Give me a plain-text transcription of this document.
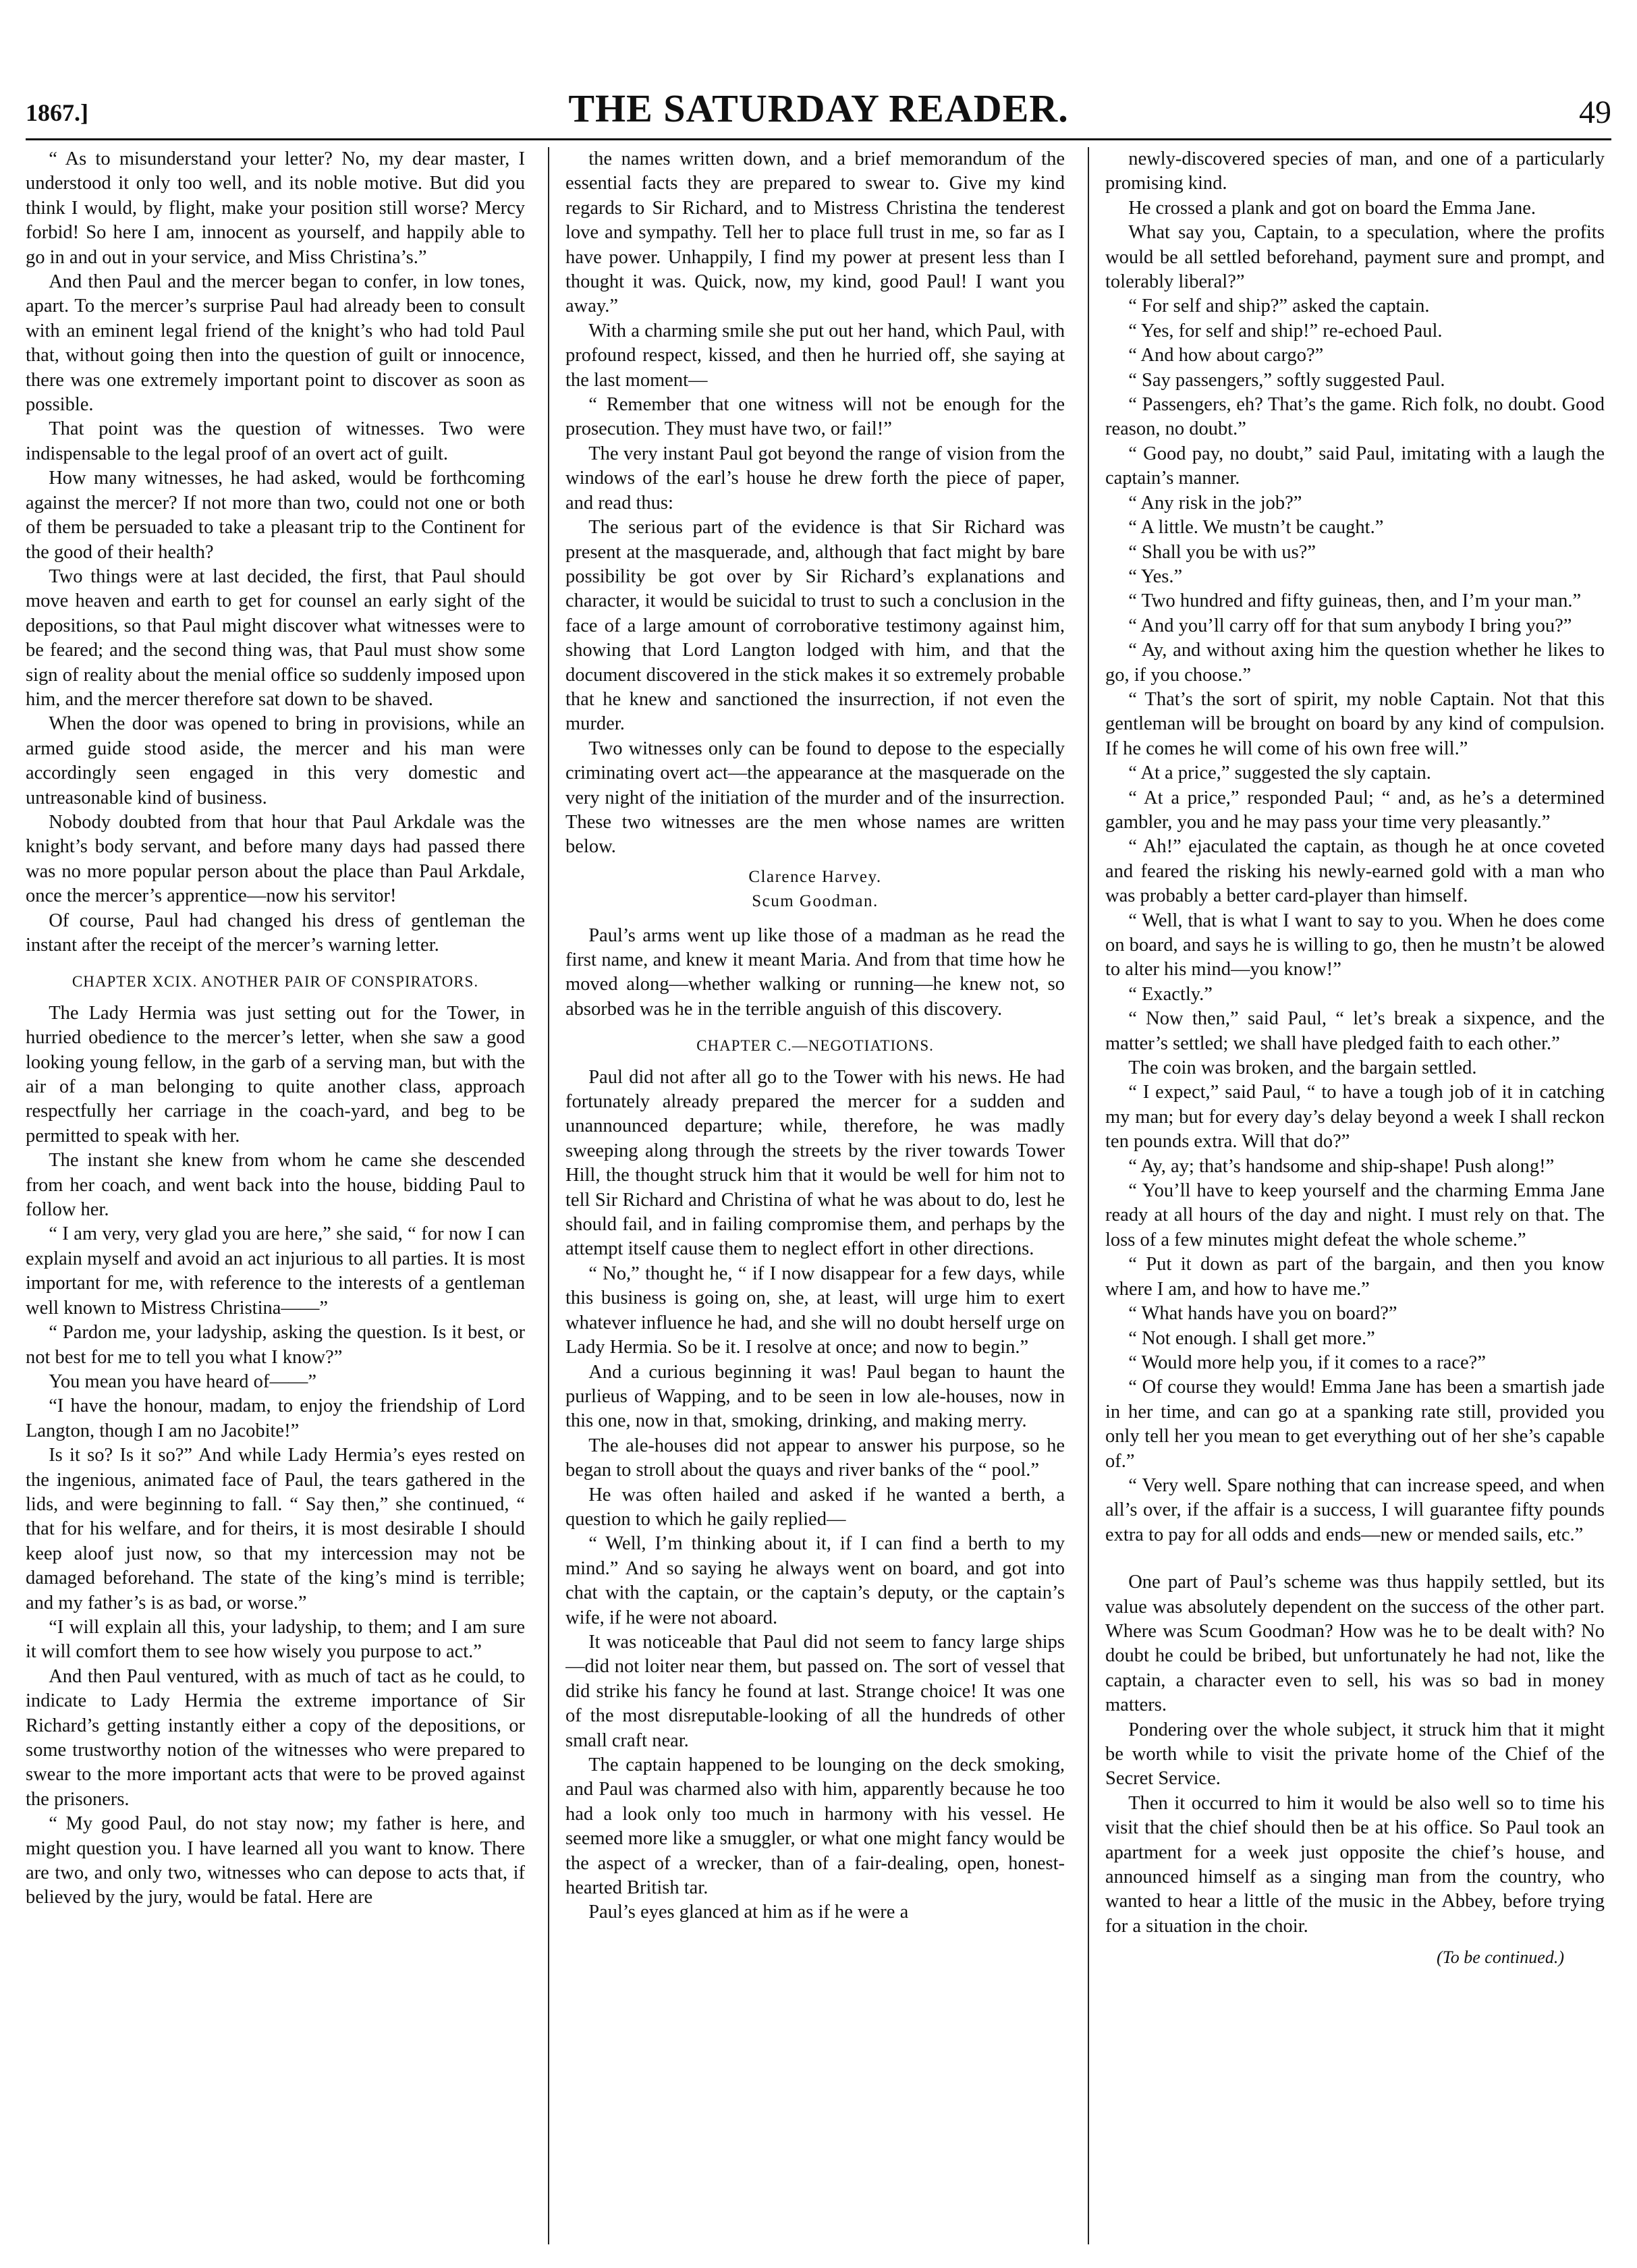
1867.]	THE SATURDAY READER.	49

“ As to misunderstand your letter? No, my dear master, I understood it only too well, and its noble motive. But did you think I would, by flight, make your position still worse? Mercy forbid! So here I am, innocent as yourself, and happily able to go in and out in your service, and Miss Christina’s.”

And then Paul and the mercer began to confer, in low tones, apart. To the mercer’s surprise Paul had already been to consult with an eminent legal friend of the knight’s who had told Paul that, without going then into the question of guilt or innocence, there was one extremely important point to discover as soon as possible.

That point was the question of witnesses. Two were indispensable to the legal proof of an overt act of guilt.

How many witnesses, he had asked, would be forthcoming against the mercer? If not more than two, could not one or both of them be persuaded to take a pleasant trip to the Continent for the good of their health?

Two things were at last decided, the first, that Paul should move heaven and earth to get for counsel an early sight of the depositions, so that Paul might discover what witnesses were to be feared; and the second thing was, that Paul must show some sign of reality about the menial office so suddenly imposed upon him, and the mercer therefore sat down to be shaved.

When the door was opened to bring in provisions, while an armed guide stood aside, the mercer and his man were accordingly seen engaged in this very domestic and untreasonable kind of business.

Nobody doubted from that hour that Paul Arkdale was the knight’s body servant, and before many days had passed there was no more popular person about the place than Paul Arkdale, once the mercer’s apprentice—now his servitor!

Of course, Paul had changed his dress of gentleman the instant after the receipt of the mercer’s warning letter.

CHAPTER XCIX. ANOTHER PAIR OF CONSPIRATORS.

The Lady Hermia was just setting out for the Tower, in hurried obedience to the mercer’s letter, when she saw a good looking young fellow, in the garb of a serving man, but with the air of a man belonging to quite another class, approach respectfully her carriage in the coach-yard, and beg to be permitted to speak with her.

The instant she knew from whom he came she descended from her coach, and went back into the house, bidding Paul to follow her.

“ I am very, very glad you are here,” she said, “ for now I can explain myself and avoid an act injurious to all parties. It is most important for me, with reference to the interests of a gentleman well known to Mistress Christina——”

“ Pardon me, your ladyship, asking the question. Is it best, or not best for me to tell you what I know?”

You mean you have heard of——”

“I have the honour, madam, to enjoy the friendship of Lord Langton, though I am no Jacobite!”

Is it so? Is it so?” And while Lady Hermia’s eyes rested on the ingenious, animated face of Paul, the tears gathered in the lids, and were beginning to fall. “ Say then,” she continued, “ that for his welfare, and for theirs, it is most desirable I should keep aloof just now, so that my intercession may not be damaged beforehand. The state of the king’s mind is terrible; and my father’s is as bad, or worse.”

“I will explain all this, your ladyship, to them; and I am sure it will comfort them to see how wisely you purpose to act.”

And then Paul ventured, with as much of tact as he could, to indicate to Lady Hermia the extreme importance of Sir Richard’s getting instantly either a copy of the depositions, or some trustworthy notion of the witnesses who were prepared to swear to the more important acts that were to be proved against the prisoners.

“ My good Paul, do not stay now; my father is here, and might question you. I have learned all you want to know. There are two, and only two, witnesses who can depose to acts that, if believed by the jury, would be fatal. Here are

the names written down, and a brief memorandum of the essential facts they are prepared to swear to. Give my kind regards to Sir Richard, and to Mistress Christina the tenderest love and sympathy. Tell her to place full trust in me, so far as I have power. Unhappily, I find my power at present less than I thought it was. Quick, now, my kind, good Paul! I want you away.”

With a charming smile she put out her hand, which Paul, with profound respect, kissed, and then he hurried off, she saying at the last moment—

“ Remember that one witness will not be enough for the prosecution. They must have two, or fail!”

The very instant Paul got beyond the range of vision from the windows of the earl’s house he drew forth the piece of paper, and read thus:

The serious part of the evidence is that Sir Richard was present at the masquerade, and, although that fact might by bare possibility be got over by Sir Richard’s explanations and character, it would be suicidal to trust to such a conclusion in the face of a large amount of corroborative testimony against him, showing that Lord Langton lodged with him, and that the document discovered in the stick makes it so extremely probable that he knew and sanctioned the insurrection, if not even the murder.

Two witnesses only can be found to depose to the especially criminating overt act—the appearance at the masquerade on the very night of the initiation of the murder and of the insurrection. These two witnesses are the men whose names are written below.

Clarence Harvey.
Scum Goodman.

Paul’s arms went up like those of a madman as he read the first name, and knew it meant Maria. And from that time how he moved along—whether walking or running—he knew not, so absorbed was he in the terrible anguish of this discovery.

CHAPTER C.—NEGOTIATIONS.

Paul did not after all go to the Tower with his news. He had fortunately already prepared the mercer for a sudden and unannounced departure; while, therefore, he was madly sweeping along through the streets by the river towards Tower Hill, the thought struck him that it would be well for him not to tell Sir Richard and Christina of what he was about to do, lest he should fail, and in failing compromise them, and perhaps by the attempt itself cause them to neglect effort in other directions.

“ No,” thought he, “ if I now disappear for a few days, while this business is going on, she, at least, will urge him to exert whatever influence he had, and she will no doubt herself urge on Lady Hermia. So be it. I resolve at once; and now to begin.”

And a curious beginning it was! Paul began to haunt the purlieus of Wapping, and to be seen in low ale-houses, now in this one, now in that, smoking, drinking, and making merry.

The ale-houses did not appear to answer his purpose, so he began to stroll about the quays and river banks of the “ pool.”

He was often hailed and asked if he wanted a berth, a question to which he gaily replied—

“ Well, I’m thinking about it, if I can find a berth to my mind.” And so saying he always went on board, and got into chat with the captain, or the captain’s deputy, or the captain’s wife, if he were not aboard.

It was noticeable that Paul did not seem to fancy large ships—did not loiter near them, but passed on. The sort of vessel that did strike his fancy he found at last. Strange choice! It was one of the most disreputable-looking of all the hundreds of other small craft near.

The captain happened to be lounging on the deck smoking, and Paul was charmed also with him, apparently because he too had a look only too much in harmony with his vessel. He seemed more like a smuggler, or what one might fancy would be the aspect of a wrecker, than of a fair-dealing, open, honest-hearted British tar.

Paul’s eyes glanced at him as if he were a

newly-discovered species of man, and one of a particularly promising kind.

He crossed a plank and got on board the Emma Jane.

What say you, Captain, to a speculation, where the profits would be all settled beforehand, payment sure and prompt, and tolerably liberal?”

“ For self and ship?” asked the captain.

“ Yes, for self and ship!” re-echoed Paul.

“ And how about cargo?”

“ Say passengers,” softly suggested Paul.

“ Passengers, eh? That’s the game. Rich folk, no doubt. Good reason, no doubt.”

“ Good pay, no doubt,” said Paul, imitating with a laugh the captain’s manner.

“ Any risk in the job?”

“ A little. We mustn’t be caught.”

“ Shall you be with us?”

“ Yes.”

“ Two hundred and fifty guineas, then, and I’m your man.”

“ And you’ll carry off for that sum anybody I bring you?”

“ Ay, and without axing him the question whether he likes to go, if you choose.”

“ That’s the sort of spirit, my noble Captain. Not that this gentleman will be brought on board by any kind of compulsion. If he comes he will come of his own free will.”

“ At a price,” suggested the sly captain.

“ At a price,” responded Paul; “ and, as he’s a determined gambler, you and he may pass your time very pleasantly.”

“ Ah!” ejaculated the captain, as though he at once coveted and feared the risking his newly-earned gold with a man who was probably a better card-player than himself.

“ Well, that is what I want to say to you. When he does come on board, and says he is willing to go, then he mustn’t be alowed to alter his mind—you know!”

“ Exactly.”

“ Now then,” said Paul, “ let’s break a sixpence, and the matter’s settled; we shall have pledged faith to each other.”

The coin was broken, and the bargain settled.

“ I expect,” said Paul, “ to have a tough job of it in catching my man; but for every day’s delay beyond a week I shall reckon ten pounds extra. Will that do?”

“ Ay, ay; that’s handsome and ship-shape! Push along!”

“ You’ll have to keep yourself and the charming Emma Jane ready at all hours of the day and night. I must rely on that. The loss of a few minutes might defeat the whole scheme.”

“ Put it down as part of the bargain, and then you know where I am, and how to have me.”

“ What hands have you on board?”

“ Not enough. I shall get more.”

“ Would more help you, if it comes to a race?”

“ Of course they would! Emma Jane has been a smartish jade in her time, and can go at a spanking rate still, provided you only tell her you mean to get everything out of her she’s capable of.”

“ Very well. Spare nothing that can increase speed, and when all’s over, if the affair is a success, I will guarantee fifty pounds extra to pay for all odds and ends—new or mended sails, etc.”

One part of Paul’s scheme was thus happily settled, but its value was absolutely dependent on the success of the other part. Where was Scum Goodman? How was he to be dealt with? No doubt he could be bribed, but unfortunately he had not, like the captain, a character even to sell, his was so bad in money matters.

Pondering over the whole subject, it struck him that it might be worth while to visit the private home of the Chief of the Secret Service.

Then it occurred to him it would be also well so to time his visit that the chief should then be at his office. So Paul took an apartment for a week just opposite the chief’s house, and announced himself as a singing man from the country, who wanted to hear a little of the music in the Abbey, before trying for a situation in the choir.

(To be continued.)
